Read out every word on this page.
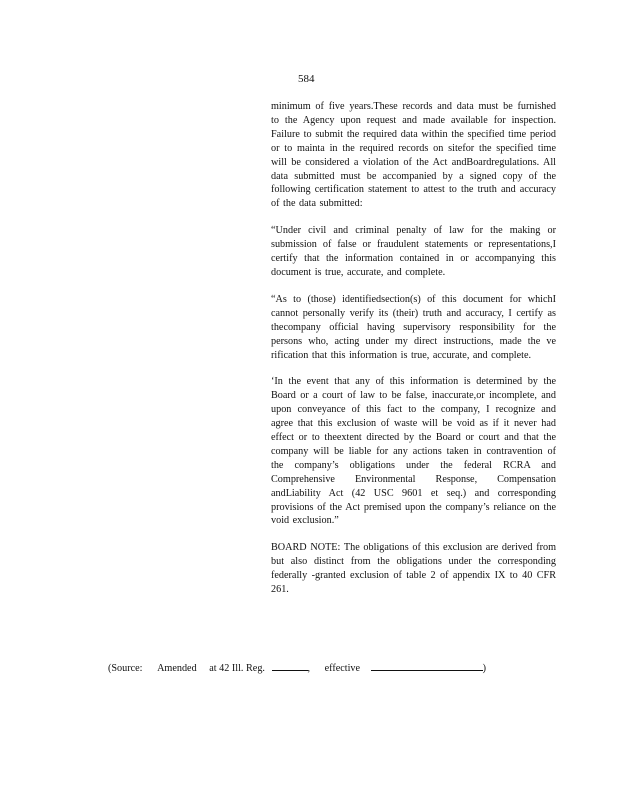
584

minimum of five years.These records and data must be furnished to the Agency upon request and made available for inspection. Failure to submit the required data within the specified time period or to mainta in the required records on sitefor the specified time will be considered a violation of the Act andBoardregulations. All data submitted must be accompanied by a signed copy of the following certification statement to attest to the truth and accuracy of the data submitted:

“Under civil and criminal penalty of law for the making or submission of false or fraudulent statements or representations,I certify that the information contained in or accompanying this document is true, accurate, and complete.

“As to (those) identifiedsection(s) of this document for whichI cannot personally verify its (their) truth and accuracy, I certify as thecompany official having supervisory responsibility for the persons who, acting under my direct instructions, made the ve rification that this information is true, accurate, and complete.

‘In the event that any of this information is determined by the Board or a court of law to be false, inaccurate,or incomplete, and upon conveyance of this fact to the company, I recognize and agree that this exclusion of waste will be void as if it never had effect or to theextent directed by the Board or court and that the company will be liable for any actions taken in contravention of the company’s obligations under the federal RCRA and Comprehensive Environmental Response, Compensation andLiability Act (42 USC 9601 et seq.) and corresponding provisions of the Act premised upon the company’s reliance on the void exclusion.”

BOARD NOTE: The obligations of this exclusion are derived from but also distinct from the obligations under the corresponding federally -granted exclusion of table 2 of appendix IX to 40 CFR 261.

(Source: Amended at 42 Ill. Reg.	, effective	)
